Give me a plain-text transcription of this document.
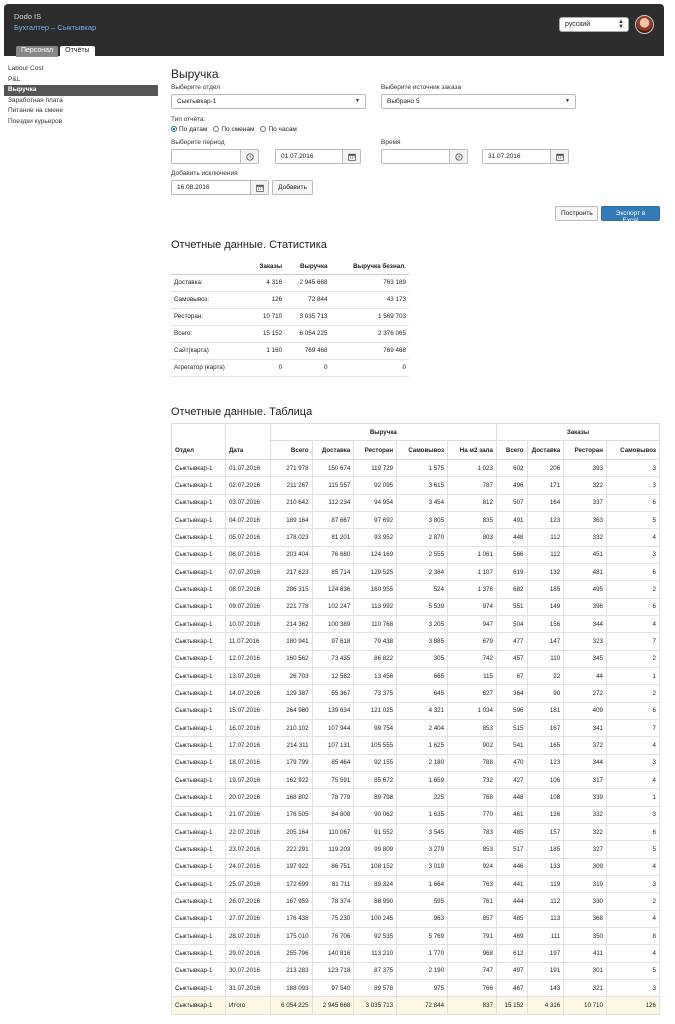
Dodo IS
Бухгалтер – Сыктывкар	русский	▲
▼
Персонал	Отчёты
Labour Cost
P&L
Выручка
Заработная плата
Питание на смене
Поездки курьеров
Выручка
Выберите отдел
Сыктывкар-1	▼
Выберите источник заказа
Выбрано 5	▼
Тип отчёта:
По датам	По сменам	По часам
Выберите период
01.07.2016
Время
31.07.2016
Добавить исключения
16.08.2016	Добавить
Построить	Экспорт в Excel
Отчетные данные. Статистика
	Заказы	Выручка	Выручка безнал.
Доставка:	4 316	2 945 668	763 189
Самовывоз:	126	72 844	43 173
Ресторан:	10 710	3 035 713	1 569 703
Всего:	15 152	6 054 225	2 376 065
Сайт(карта)	1 160	769 468	769 468
Агрегатор (карта)	0	0	0
Отчетные данные. Таблица
Отдел	Дата	Выручка					Заказы			
		Всего	Доставка	Ресторан	Самовывоз	На м2 зала	Всего	Доставка	Ресторан	Самовывоз
Сыктывкар-1	01.07.2016	271 978	150 674	119 729	1 575	1 023	602	206	393	3
Сыктывкар-1	02.07.2016	211 267	115 557	92 095	3 615	787	496	171	322	3
Сыктывкар-1	03.07.2016	210 642	112 234	94 954	3 454	812	507	164	337	6
Сыктывкар-1	04.07.2016	189 164	87 667	97 692	3 805	835	491	123	363	5
Сыктывкар-1	05.07.2016	178 023	81 201	93 952	2 870	803	448	112	332	4
Сыктывкар-1	06.07.2016	203 404	76 680	124 169	2 555	1 061	566	112	451	3
Сыктывкар-1	07.07.2016	217 623	85 714	129 525	2 384	1 107	619	132	481	6
Сыктывкар-1	08.07.2016	286 315	124 836	160 955	524	1 376	682	185	495	2
Сыктывкар-1	09.07.2016	221 778	102 247	113 992	5 539	974	551	149	396	6
Сыктывкар-1	10.07.2016	214 362	100 389	110 768	3 205	947	504	156	344	4
Сыктывкар-1	11.07.2016	180 941	97 618	79 438	3 885	679	477	147	323	7
Сыктывкар-1	12.07.2016	160 562	73 435	86 822	305	742	457	110	345	2
Сыктывкар-1	13.07.2016	26 703	12 582	13 456	665	115	67	22	44	1
Сыктывкар-1	14.07.2016	129 387	55 367	73 375	645	627	364	90	272	2
Сыктывкар-1	15.07.2016	264 980	139 634	121 025	4 321	1 034	596	181	409	6
Сыктывкар-1	16.07.2016	210 102	107 944	99 754	2 404	853	515	167	341	7
Сыктывкар-1	17.07.2016	214 311	107 131	105 555	1 625	902	541	165	372	4
Сыктывкар-1	18.07.2016	179 799	85 464	92 155	2 180	788	470	123	344	3
Сыктывкар-1	19.07.2016	162 922	75 591	85 672	1 659	732	427	106	317	4
Сыктывкар-1	20.07.2016	168 802	78 779	89 798	225	768	448	108	339	1
Сыктывкар-1	21.07.2016	176 505	84 808	90 062	1 635	770	461	126	332	3
Сыктывкар-1	22.07.2016	205 164	110 067	91 552	3 545	783	485	157	322	6
Сыктывкар-1	23.07.2016	222 291	119 203	99 809	3 279	853	517	185	327	5
Сыктывкар-1	24.07.2016	197 922	86 751	108 152	3 019	924	446	133	309	4
Сыктывкар-1	25.07.2016	172 699	81 711	89 324	1 664	763	441	119	319	3
Сыктывкар-1	26.07.2016	167 959	78 374	88 990	595	761	444	112	330	2
Сыктывкар-1	27.07.2016	176 438	75 230	100 245	963	857	485	113	368	4
Сыктывкар-1	28.07.2016	175 010	76 706	92 535	5 769	791	469	111	350	8
Сыктывкар-1	29.07.2016	255 796	140 816	113 210	1 770	968	612	197	411	4
Сыктывкар-1	30.07.2016	213 283	123 718	87 375	2 190	747	497	191	301	5
Сыктывкар-1	31.07.2016	188 093	97 540	89 578	975	766	467	143	321	3
Сыктывкар-1	Итого	6 054 225	2 945 668	3 035 713	72 844	837	15 152	4 316	10 710	126
